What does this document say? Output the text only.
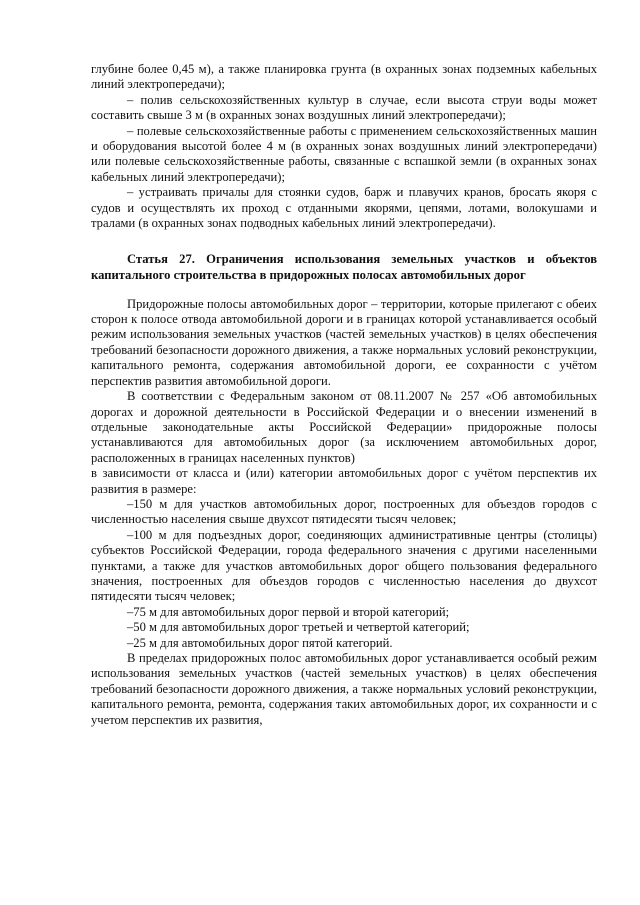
глубине более 0,45 м), а также планировка грунта (в охранных зонах подземных кабельных линий электропередачи);

– полив сельскохозяйственных культур в случае, если высота струи воды может составить свыше 3 м (в охранных зонах воздушных линий электропередачи);

– полевые сельскохозяйственные работы с применением сельскохозяйственных машин и оборудования высотой более 4 м (в охранных зонах воздушных линий электропередачи) или полевые сельскохозяйственные работы, связанные с вспашкой земли (в охранных зонах кабельных линий электропередачи);

– устраивать причалы для стоянки судов, барж и плавучих кранов, бросать якоря с судов и осуществлять их проход с отданными якорями, цепями, лотами, волокушами и тралами (в охранных зонах подводных кабельных линий электропередачи).

Статья 27. Ограничения использования земельных участков и объектов капитального строительства в придорожных полосах автомобильных дорог

Придорожные полосы автомобильных дорог – территории, которые прилегают с обеих сторон к полосе отвода автомобильной дороги и в границах которой устанавливается особый режим использования земельных участков (частей земельных участков) в целях обеспечения требований безопасности дорожного движения, а также нормальных условий реконструкции, капитального ремонта, содержания автомобильной дороги, ее сохранности с учётом перспектив развития автомобильной дороги.

В соответствии с Федеральным законом от 08.11.2007 № 257 «Об автомобильных дорогах и дорожной деятельности в Российской Федерации и о внесении изменений в отдельные законодательные акты Российской Федерации» придорожные полосы устанавливаются для автомобильных дорог (за исключением автомобильных дорог, расположенных в границах населенных пунктов)

в зависимости от класса и (или) категории автомобильных дорог с учётом перспектив их развития в размере:

–150 м для участков автомобильных дорог, построенных для объездов городов с численностью населения свыше двухсот пятидесяти тысяч человек;

–100 м для подъездных дорог, соединяющих административные центры (столицы) субъектов Российской Федерации, города федерального значения с другими населенными пунктами, а также для участков автомобильных дорог общего пользования федерального значения, построенных для объездов городов с численностью населения до двухсот пятидесяти тысяч человек;

–75 м для автомобильных дорог первой и второй категорий;

–50 м для автомобильных дорог третьей и четвертой категорий;

–25 м для автомобильных дорог пятой категорий.

В пределах придорожных полос автомобильных дорог устанавливается особый режим использования земельных участков (частей земельных участков) в целях обеспечения требований безопасности дорожного движения, а также нормальных условий реконструкции, капитального ремонта, ремонта, содержания таких автомобильных дорог, их сохранности и с учетом перспектив их развития,
